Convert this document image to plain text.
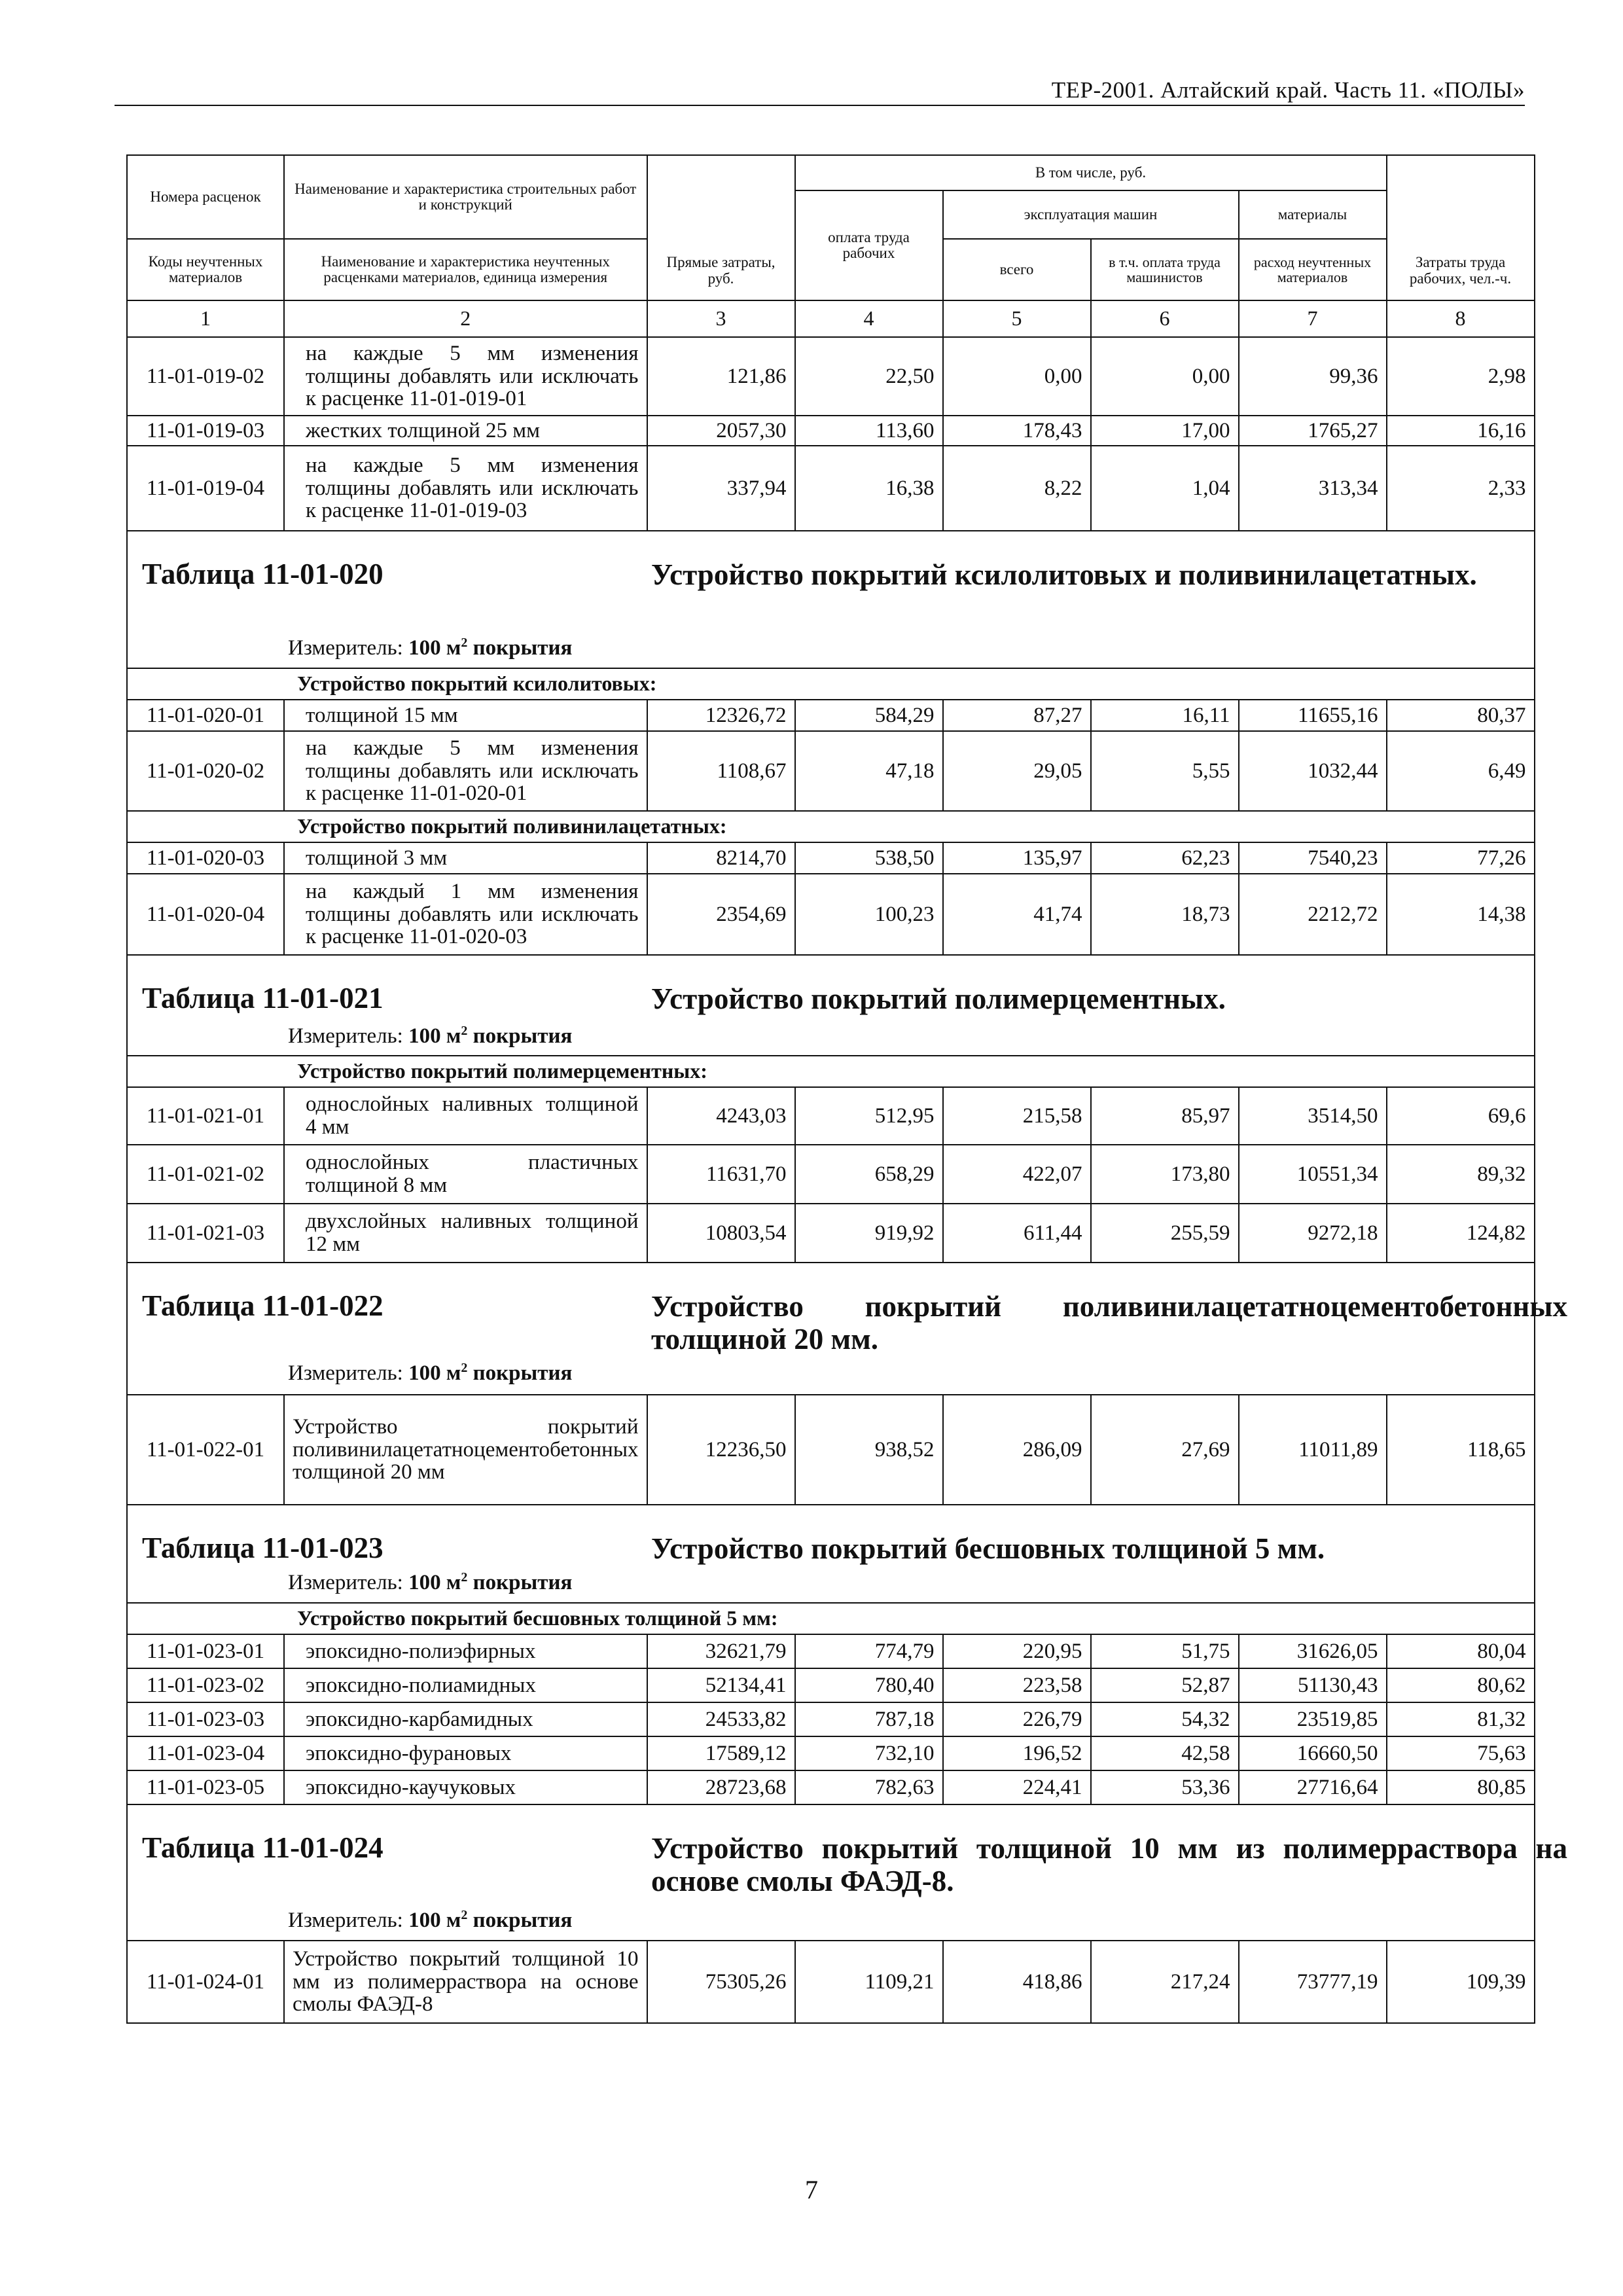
ТЕР-2001. Алтайский край. Часть 11. «ПОЛЫ»
Номера расценок	Наименование и характеристика строительных работ и конструкций	Прямые затраты, руб.	В том числе, руб.				Затраты труда рабочих, чел.-ч.
			оплата труда рабочих	эксплуатация машин		материалы	
Коды неучтенных материалов	Наименование и характеристика неучтенных расценками материалов, единица измерения			всего	в т.ч. оплата труда машинистов	расход неучтенных материалов	
1	2	3	4	5	6	7	8
11-01-019-02	на каждые 5 мм изменения толщины добавлять или исключать к расценке 11-01-019-01	121,86	22,50	0,00	0,00	99,36	2,98
11-01-019-03	жестких толщиной 25 мм	2057,30	113,60	178,43	17,00	1765,27	16,16
11-01-019-04	на каждые 5 мм изменения толщины добавлять или исключать к расценке 11-01-019-03	337,94	16,38	8,22	1,04	313,34	2,33

Таблица 11-01-020 Устройство покрытий ксилолитовых и поливинилацетатных.
Измеритель: 100 $м^2$ покрытия							

	Устройство покрытий ксилолитовых:						
11-01-020-01	толщиной 15 мм	12326,72	584,29	87,27	16,11	11655,16	80,37
11-01-020-02	на каждые 5 мм изменения толщины добавлять или исключать к расценке 11-01-020-01	1108,67	47,18	29,05	5,55	1032,44	6,49
	Устройство покрытий поливинилацетатных:						
11-01-020-03	толщиной 3 мм	8214,70	538,50	135,97	62,23	7540,23	77,26
11-01-020-04	на каждый 1 мм изменения толщины добавлять или исключать к расценке 11-01-020-03	2354,69	100,23	41,74	18,73	2212,72	14,38

Таблица 11-01-021 Устройство покрытий полимерцементных.
Измеритель: 100 $м^2$ покрытия							

	Устройство покрытий полимерцементных:						
11-01-021-01	однослойных наливных толщиной 4 мм	4243,03	512,95	215,58	85,97	3514,50	69,6
11-01-021-02	однослойных пластичных толщиной 8 мм	11631,70	658,29	422,07	173,80	10551,34	89,32
11-01-021-03	двухслойных наливных толщиной 12 мм	10803,54	919,92	611,44	255,59	9272,18	124,82

Таблица 11-01-022 Устройство покрытий поливинилацетатноцементобетонных толщиной 20 мм.
Измеритель: 100 $м^2$ покрытия							

11-01-022-01	Устройство покрытий поливинилацетатноцементобетонных толщиной 20 мм	12236,50	938,52	286,09	27,69	11011,89	118,65

Таблица 11-01-023 Устройство покрытий бесшовных толщиной 5 мм.
Измеритель: 100 $м^2$ покрытия							

	Устройство покрытий бесшовных толщиной 5 мм:						
11-01-023-01	эпоксидно-полиэфирных	32621,79	774,79	220,95	51,75	31626,05	80,04
11-01-023-02	эпоксидно-полиамидных	52134,41	780,40	223,58	52,87	51130,43	80,62
11-01-023-03	эпоксидно-карбамидных	24533,82	787,18	226,79	54,32	23519,85	81,32
11-01-023-04	эпоксидно-фурановых	17589,12	732,10	196,52	42,58	16660,50	75,63
11-01-023-05	эпоксидно-каучуковых	28723,68	782,63	224,41	53,36	27716,64	80,85

Таблица 11-01-024 Устройство покрытий толщиной 10 мм из полимерраствора на основе смолы ФАЭД-8.
Измеритель: 100 $м^2$ покрытия							

11-01-024-01	Устройство покрытий толщиной 10 мм из полимерраствора на основе смолы ФАЭД-8	75305,26	1109,21	418,86	217,24	73777,19	109,39
7
